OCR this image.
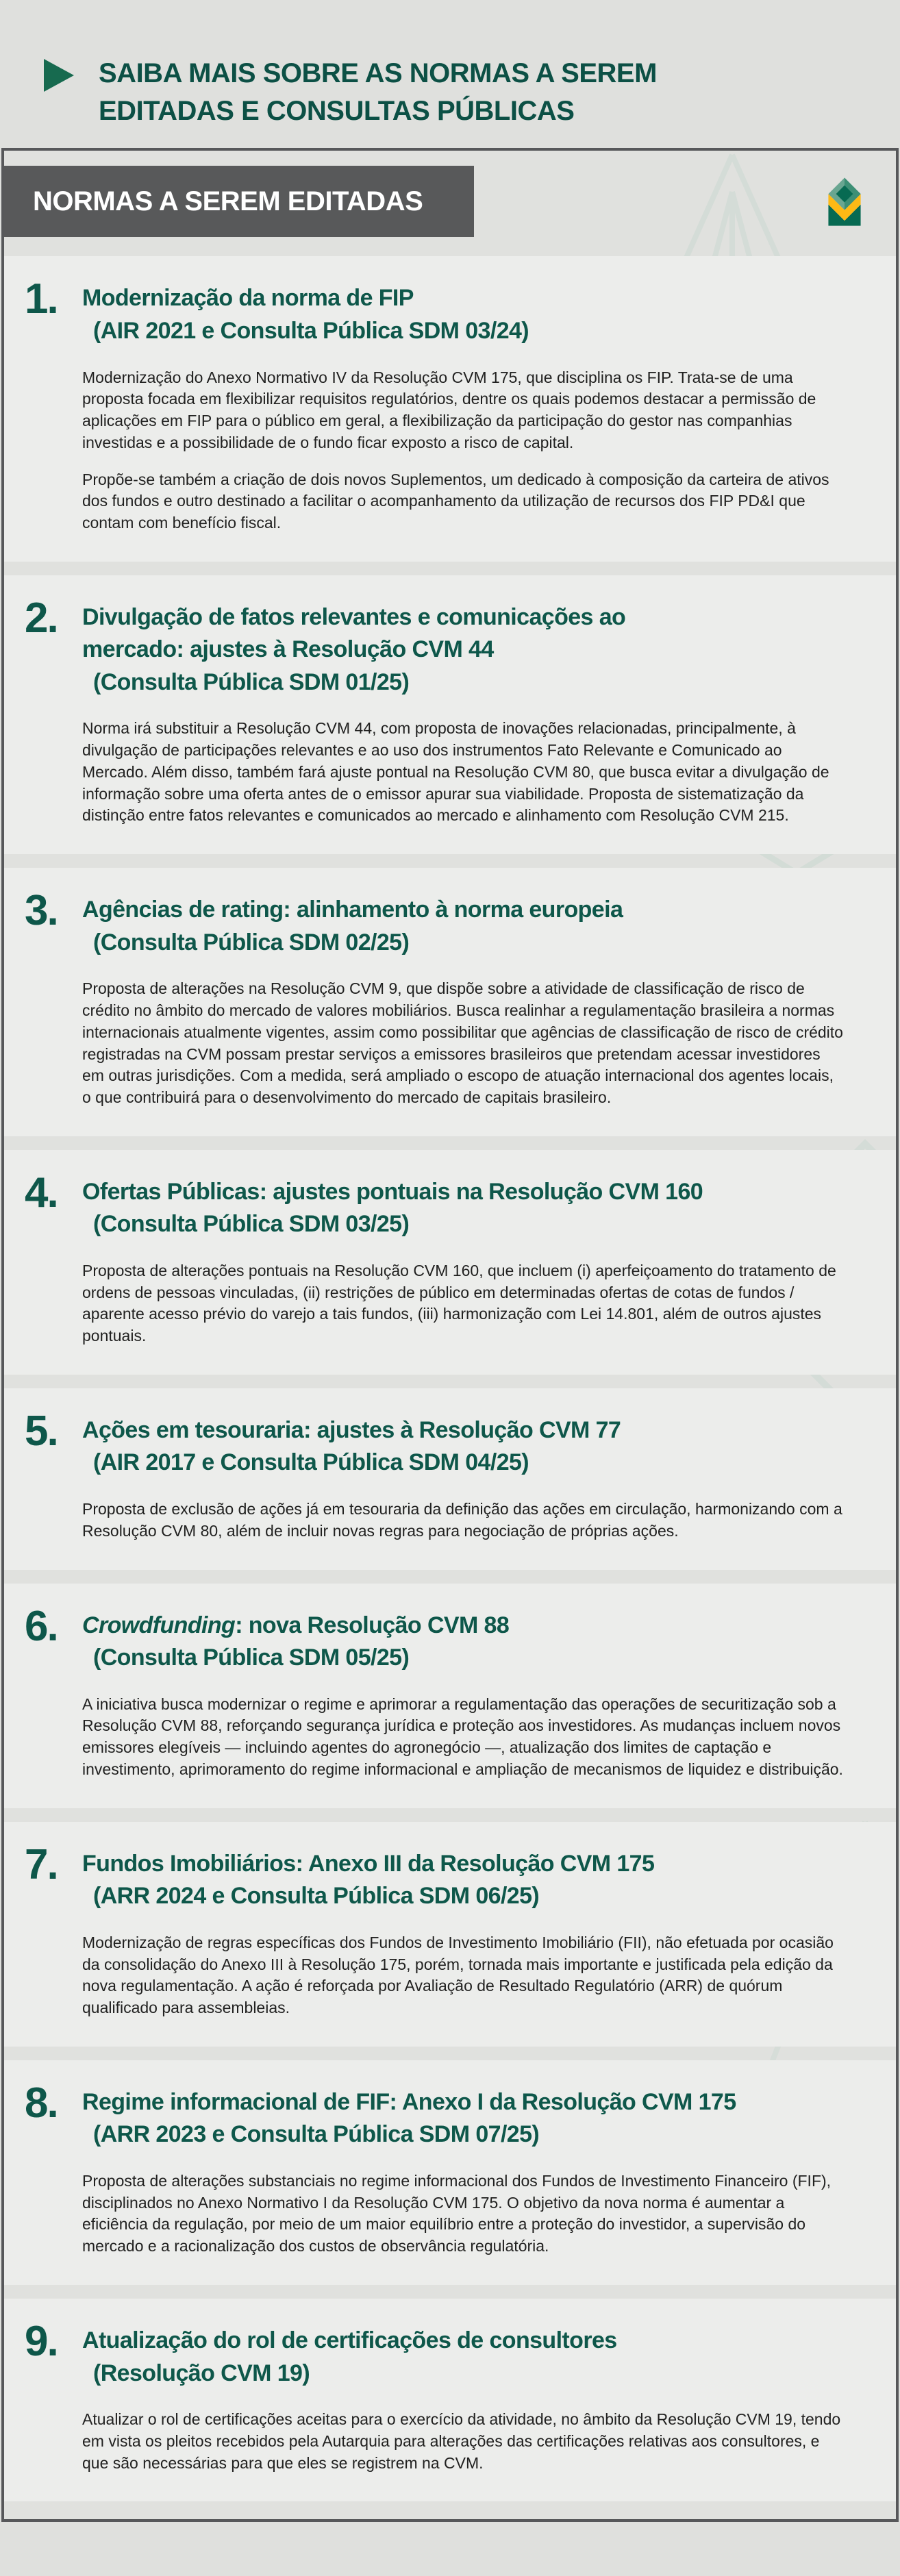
SAIBA MAIS SOBRE AS NORMAS A SEREM
EDITADAS E CONSULTAS PÚBLICAS
NORMAS A SEREM EDITADAS
1.	Modernização da norma de FIP
(AIR 2021 e Consulta Pública SDM 03/24)

Modernização do Anexo Normativo IV da Resolução CVM 175, que disciplina os FIP. Trata-se de uma proposta focada em flexibilizar requisitos regulatórios, dentre os quais podemos destacar a permissão de aplicações em FIP para o público em geral, a flexibilização da participação do gestor nas companhias investidas e a possibilidade de o fundo ficar exposto a risco de capital.

Propõe-se também a criação de dois novos Suplementos, um dedicado à composição da carteira de ativos dos fundos e outro destinado a facilitar o acompanhamento da utilização de recursos dos FIP PD&I que contam com benefício fiscal.

2.	Divulgação de fatos relevantes e comunicações ao
mercado: ajustes à Resolução CVM 44
(Consulta Pública SDM 01/25)

Norma irá substituir a Resolução CVM 44, com proposta de inovações relacionadas, principalmente, à divulgação de participações relevantes e ao uso dos instrumentos Fato Relevante e Comunicado ao Mercado. Além disso, também fará ajuste pontual na Resolução CVM 80, que busca evitar a divulgação de informação sobre uma oferta antes de o emissor apurar sua viabilidade. Proposta de sistematização da distinção entre fatos relevantes e comunicados ao mercado e alinhamento com Resolução CVM 215.

3.	Agências de rating: alinhamento à norma europeia
(Consulta Pública SDM 02/25)

Proposta de alterações na Resolução CVM 9, que dispõe sobre a atividade de classificação de risco de crédito no âmbito do mercado de valores mobiliários. Busca realinhar a regulamentação brasileira a normas internacionais atualmente vigentes, assim como possibilitar que agências de classificação de risco de crédito registradas na CVM possam prestar serviços a emissores brasileiros que pretendam acessar investidores em outras jurisdições. Com a medida, será ampliado o escopo de atuação internacional dos agentes locais, o que contribuirá para o desenvolvimento do mercado de capitais brasileiro.

4.	Ofertas Públicas: ajustes pontuais na Resolução CVM 160
(Consulta Pública SDM 03/25)

Proposta de alterações pontuais na Resolução CVM 160, que incluem (i) aperfeiçoamento do tratamento de ordens de pessoas vinculadas, (ii) restrições de público em determinadas ofertas de cotas de fundos / aparente acesso prévio do varejo a tais fundos, (iii) harmonização com Lei 14.801, além de outros ajustes pontuais.

5.	Ações em tesouraria: ajustes à Resolução CVM 77
(AIR 2017 e Consulta Pública SDM 04/25)

Proposta de exclusão de ações já em tesouraria da definição das ações em circulação, harmonizando com a Resolução CVM 80, além de incluir novas regras para negociação de próprias ações.

6.	Crowdfunding: nova Resolução CVM 88
(Consulta Pública SDM 05/25)

A iniciativa busca modernizar o regime e aprimorar a regulamentação das operações de securitização sob a Resolução CVM 88, reforçando segurança jurídica e proteção aos investidores. As mudanças incluem novos emissores elegíveis — incluindo agentes do agronegócio —, atualização dos limites de captação e investimento, aprimoramento do regime informacional e ampliação de mecanismos de liquidez e distribuição.

7.	Fundos Imobiliários: Anexo III da Resolução CVM 175
(ARR 2024 e Consulta Pública SDM 06/25)

Modernização de regras específicas dos Fundos de Investimento Imobiliário (FII), não efetuada por ocasião da consolidação do Anexo III à Resolução 175, porém, tornada mais importante e justificada pela edição da nova regulamentação. A ação é reforçada por Avaliação de Resultado Regulatório (ARR) de quórum qualificado para assembleias.

8.	Regime informacional de FIF: Anexo I da Resolução CVM 175
(ARR 2023 e Consulta Pública SDM 07/25)

Proposta de alterações substanciais no regime informacional dos Fundos de Investimento Financeiro (FIF), disciplinados no Anexo Normativo I da Resolução CVM 175. O objetivo da nova norma é aumentar a eficiência da regulação, por meio de um maior equilíbrio entre a proteção do investidor, a supervisão do mercado e a racionalização dos custos de observância regulatória.

9.	Atualização do rol de certificações de consultores
(Resolução CVM 19)

Atualizar o rol de certificações aceitas para o exercício da atividade, no âmbito da Resolução CVM 19, tendo em vista os pleitos recebidos pela Autarquia para alterações das certificações relativas aos consultores, e que são necessárias para que eles se registrem na CVM.
